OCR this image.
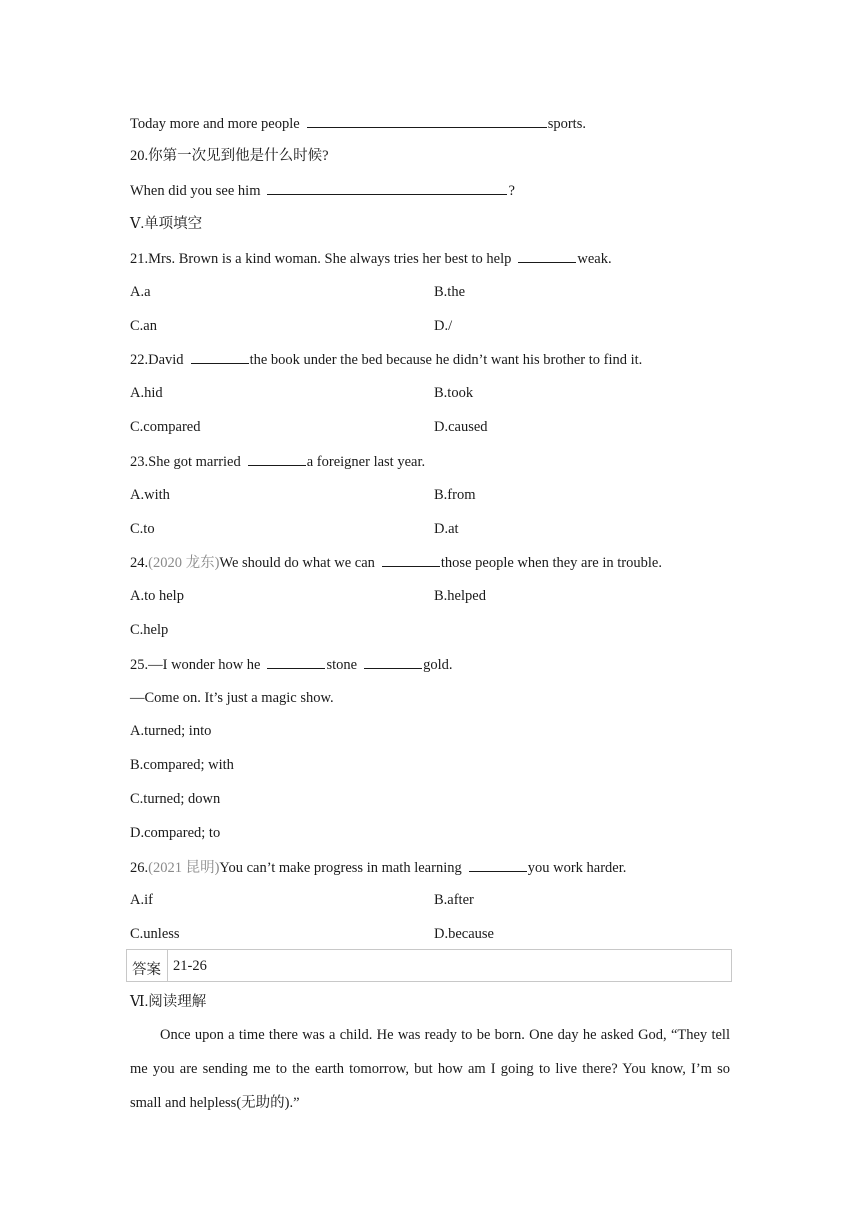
Today more and more people	sports.
20.你第一次见到他是什么时候?
When did you see him	?
Ⅴ.单项填空
21.Mrs. Brown is a kind woman. She always tries her best to help	weak.
A.a	B.the
C.an	D./
22.David	the book under the bed because he didn’t want his brother to find it.
A.hid	B.took
C.compared	D.caused
23.She got married	a foreigner last year.
A.with	B.from
C.to	D.at
24.(2020 龙东)We should do what we can	those people when they are in trouble.
A.to help	B.helped
C.help
25.—I wonder how he	stone	gold.
—Come on. It’s just a magic show.
A.turned; into
B.compared; with
C.turned; down
D.compared; to
26.(2021 昆明)You can’t make progress in math learning	you work harder.
A.if	B.after
C.unless	D.because
答案 21-26
Ⅵ.阅读理解
Once upon a time there was a child. He was ready to be born. One day he asked God, “They tell me you are sending me to the earth tomorrow, but how am I going to live there? You know, I’m so small and helpless(无助的).”
